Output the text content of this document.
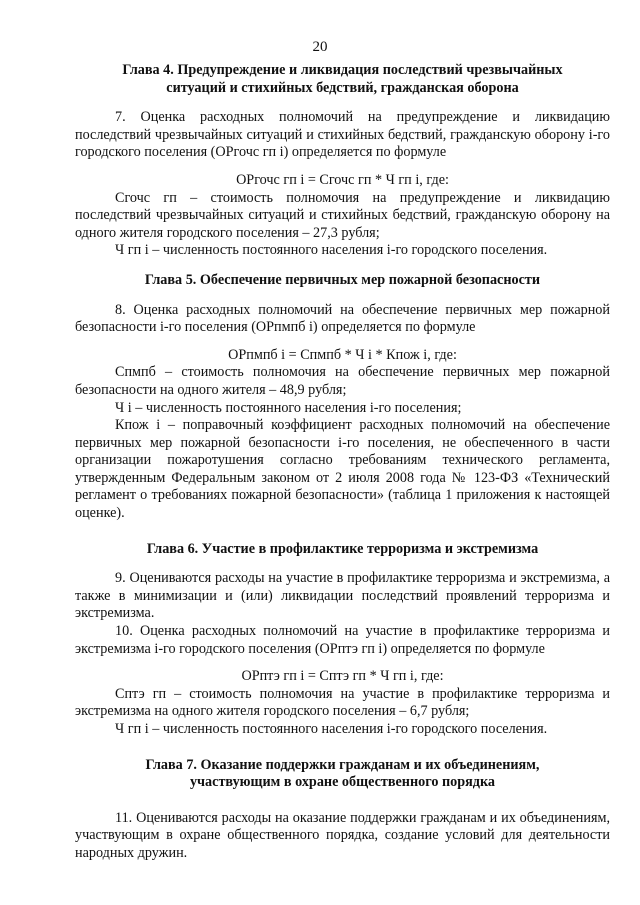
20
Глава 4. Предупреждение и ликвидация последствий чрезвычайных
ситуаций и стихийных бедствий, гражданская оборона

7. Оценка расходных полномочий на предупреждение и ликвидацию последствий чрезвычайных ситуаций и стихийных бедствий, гражданскую оборону i-го городского поселения (ОРгочс гп i) определяется по формуле

ОРгочс гп i = Сгочс гп * Ч гп i, где:

Сгочс гп – стоимость полномочия на предупреждение и ликвидацию последствий чрезвычайных ситуаций и стихийных бедствий, гражданскую оборону на одного жителя городского поселения – 27,3 рубля;

Ч гп i – численность постоянного населения i-го городского поселения.

Глава 5. Обеспечение первичных мер пожарной безопасности

8. Оценка расходных полномочий на обеспечение первичных мер пожарной безопасности i-го поселения (ОРпмпб i) определяется по формуле

ОРпмпб i = Спмпб * Ч i * Кпож i, где:

Спмпб – стоимость полномочия на обеспечение первичных мер пожарной безопасности на одного жителя – 48,9 рубля;

Ч i – численность постоянного населения i-го поселения;

Кпож i – поправочный коэффициент расходных полномочий на обеспечение первичных мер пожарной безопасности i-го поселения, не обеспеченного в части организации пожаротушения согласно требованиям технического регламента, утвержденным Федеральным законом от 2 июля 2008 года № 123-ФЗ «Технический регламент о требованиях пожарной безопасности» (таблица 1 приложения к настоящей оценке).

Глава 6. Участие в профилактике терроризма и экстремизма

9. Оцениваются расходы на участие в профилактике терроризма и экстремизма, а также в минимизации и (или) ликвидации последствий проявлений терроризма и экстремизма.

10. Оценка расходных полномочий на участие в профилактике терроризма и экстремизма i-го городского поселения (ОРптэ гп i) определяется по формуле

ОРптэ гп i = Сптэ гп * Ч гп i, где:

Сптэ гп – стоимость полномочия на участие в профилактике терроризма и экстремизма на одного жителя городского поселения – 6,7 рубля;

Ч гп i – численность постоянного населения i-го городского поселения.

Глава 7. Оказание поддержки гражданам и их объединениям,
участвующим в охране общественного порядка

11. Оцениваются расходы на оказание поддержки гражданам и их объединениям, участвующим в охране общественного порядка, создание условий для деятельности народных дружин.
